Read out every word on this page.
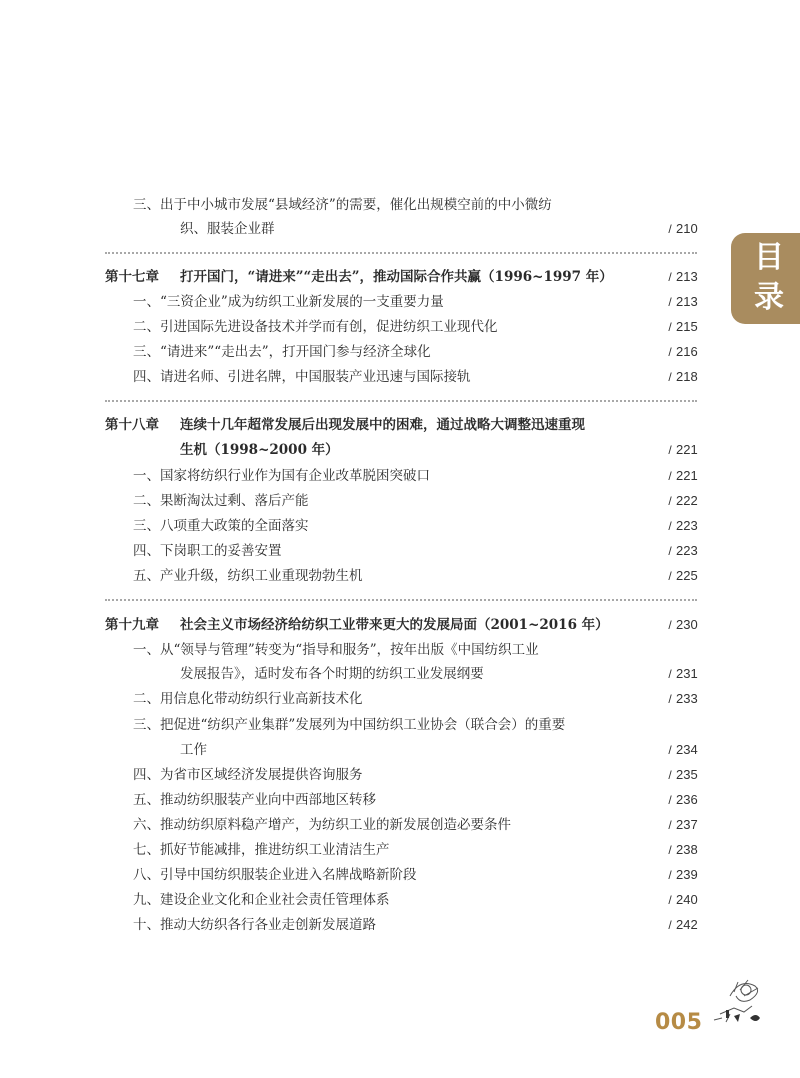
三、出于中小城市发展“县域经济”的需要，催化出规模空前的中小微纺
织、服装企业群	/ 210
第十七章 打开国门，“请进来”“走出去”，推动国际合作共赢（1996~1997 年）	/ 213
一、“三资企业”成为纺织工业新发展的一支重要力量	/ 213
二、引进国际先进设备技术并学而有创，促进纺织工业现代化	/ 215
三、“请进来”“走出去”，打开国门参与经济全球化	/ 216
四、请进名师、引进名牌，中国服装产业迅速与国际接轨	/ 218
第十八章 连续十几年超常发展后出现发展中的困难，通过战略大调整迅速重现
生机（1998~2000 年）	/ 221
一、国家将纺织行业作为国有企业改革脱困突破口	/ 221
二、果断淘汰过剩、落后产能	/ 222
三、八项重大政策的全面落实	/ 223
四、下岗职工的妥善安置	/ 223
五、产业升级，纺织工业重现勃勃生机	/ 225
第十九章 社会主义市场经济给纺织工业带来更大的发展局面（2001~2016 年）	/ 230
一、从“领导与管理”转变为“指导和服务”，按年出版《中国纺织工业
发展报告》，适时发布各个时期的纺织工业发展纲要	/ 231
二、用信息化带动纺织行业高新技术化	/ 233
三、把促进“纺织产业集群”发展列为中国纺织工业协会（联合会）的重要
工作	/ 234
四、为省市区域经济发展提供咨询服务	/ 235
五、推动纺织服装产业向中西部地区转移	/ 236
六、推动纺织原料稳产增产，为纺织工业的新发展创造必要条件	/ 237
七、抓好节能减排，推进纺织工业清洁生产	/ 238
八、引导中国纺织服装企业进入名牌战略新阶段	/ 239
九、建设企业文化和企业社会责任管理体系	/ 240
十、推动大纺织各行各业走创新发展道路	/ 242
目
录
005
